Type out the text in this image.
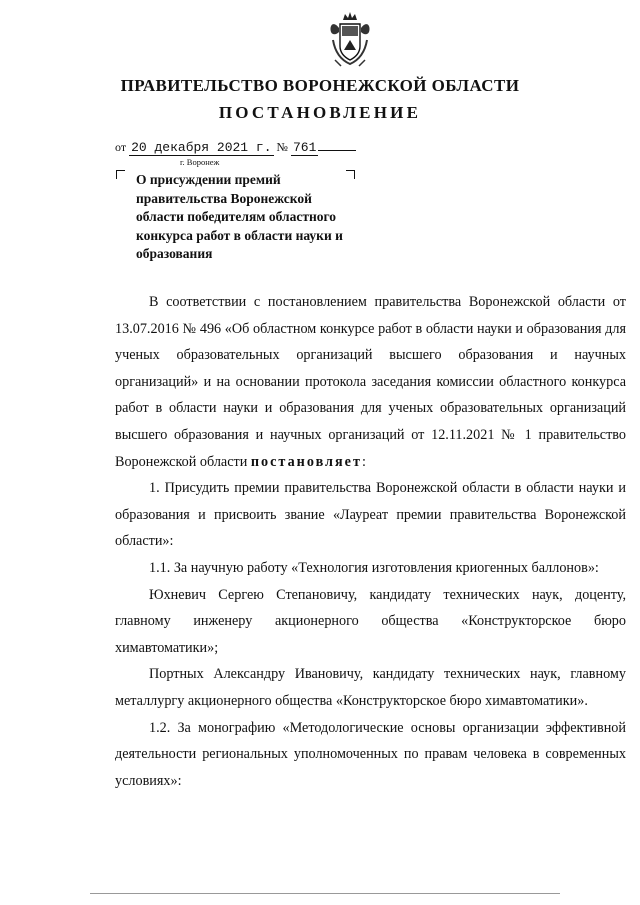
ПРАВИТЕЛЬСТВО ВОРОНЕЖСКОЙ ОБЛАСТИ
ПОСТАНОВЛЕНИЕ
от 20 декабря 2021 г. № 761
г. Воронеж
О присуждении премий правительства Воронежской области победителям областного конкурса работ в области науки и образования

В соответствии с постановлением правительства Воронежской области от 13.07.2016 № 496 «Об областном конкурсе работ в области науки и образования для ученых образовательных организаций высшего образования и научных организаций» и на основании протокола заседания комиссии областного конкурса работ в области науки и образования для ученых образовательных организаций высшего образования и научных организаций от 12.11.2021 № 1 правительство Воронежской области постановляет:

1. Присудить премии правительства Воронежской области в области науки и образования и присвоить звание «Лауреат премии правительства Воронежской области»:

1.1. За научную работу «Технология изготовления криогенных баллонов»:

Юхневич Сергею Степановичу, кандидату технических наук, доценту, главному инженеру акционерного общества «Конструкторское бюро химавтоматики»;

Портных Александру Ивановичу, кандидату технических наук, главному металлургу акционерного общества «Конструкторское бюро химавтоматики».

1.2. За монографию «Методологические основы организации эффективной деятельности региональных уполномоченных по правам человека в современных условиях»:
